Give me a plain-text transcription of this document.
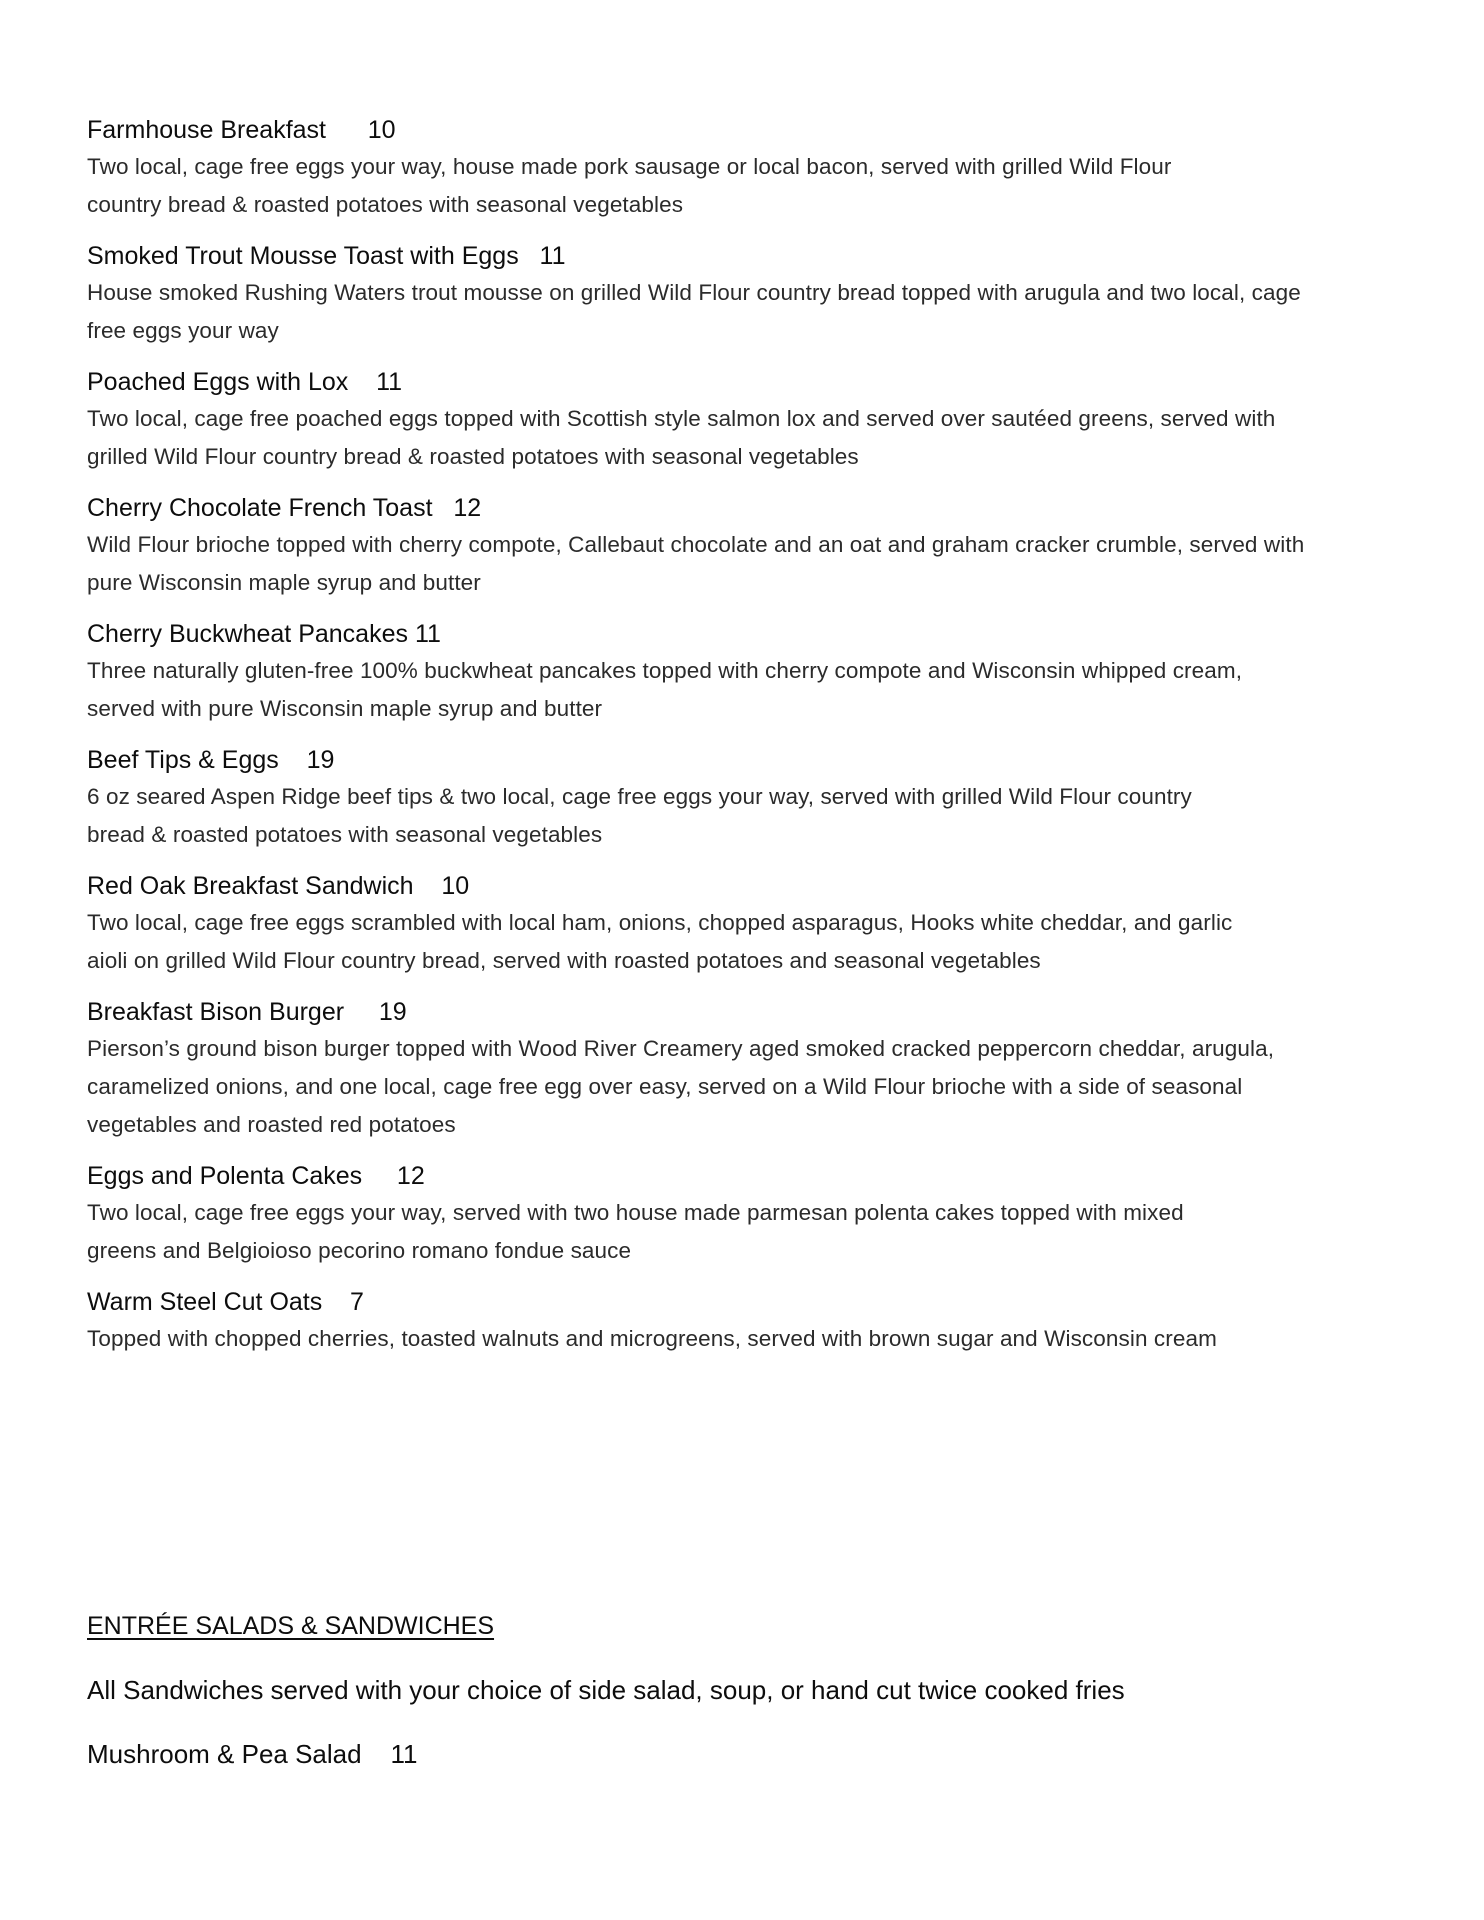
Farmhouse Breakfast 10
Two local, cage free eggs your way, house made pork sausage or local bacon, served with grilled Wild Flour
country bread & roasted potatoes with seasonal vegetables
Smoked Trout Mousse Toast with Eggs 11
House smoked Rushing Waters trout mousse on grilled Wild Flour country bread topped with arugula and two local, cage
free eggs your way
Poached Eggs with Lox 11
Two local, cage free poached eggs topped with Scottish style salmon lox and served over sautéed greens, served with
grilled Wild Flour country bread & roasted potatoes with seasonal vegetables
Cherry Chocolate French Toast 12
Wild Flour brioche topped with cherry compote, Callebaut chocolate and an oat and graham cracker crumble, served with
pure Wisconsin maple syrup and butter
Cherry Buckwheat Pancakes 11
Three naturally gluten-free 100% buckwheat pancakes topped with cherry compote and Wisconsin whipped cream,
served with pure Wisconsin maple syrup and butter
Beef Tips & Eggs 19
6 oz seared Aspen Ridge beef tips & two local, cage free eggs your way, served with grilled Wild Flour country
bread & roasted potatoes with seasonal vegetables
Red Oak Breakfast Sandwich 10
Two local, cage free eggs scrambled with local ham, onions, chopped asparagus, Hooks white cheddar, and garlic
aioli on grilled Wild Flour country bread, served with roasted potatoes and seasonal vegetables
Breakfast Bison Burger 19
Pierson’s ground bison burger topped with Wood River Creamery aged smoked cracked peppercorn cheddar, arugula,
caramelized onions, and one local, cage free egg over easy, served on a Wild Flour brioche with a side of seasonal
vegetables and roasted red potatoes
Eggs and Polenta Cakes 12
Two local, cage free eggs your way, served with two house made parmesan polenta cakes topped with mixed
greens and Belgioioso pecorino romano fondue sauce
Warm Steel Cut Oats 7
Topped with chopped cherries, toasted walnuts and microgreens, served with brown sugar and Wisconsin cream
ENTRÉE SALADS & SANDWICHES
All Sandwiches served with your choice of side salad, soup, or hand cut twice cooked fries
Mushroom & Pea Salad 11
